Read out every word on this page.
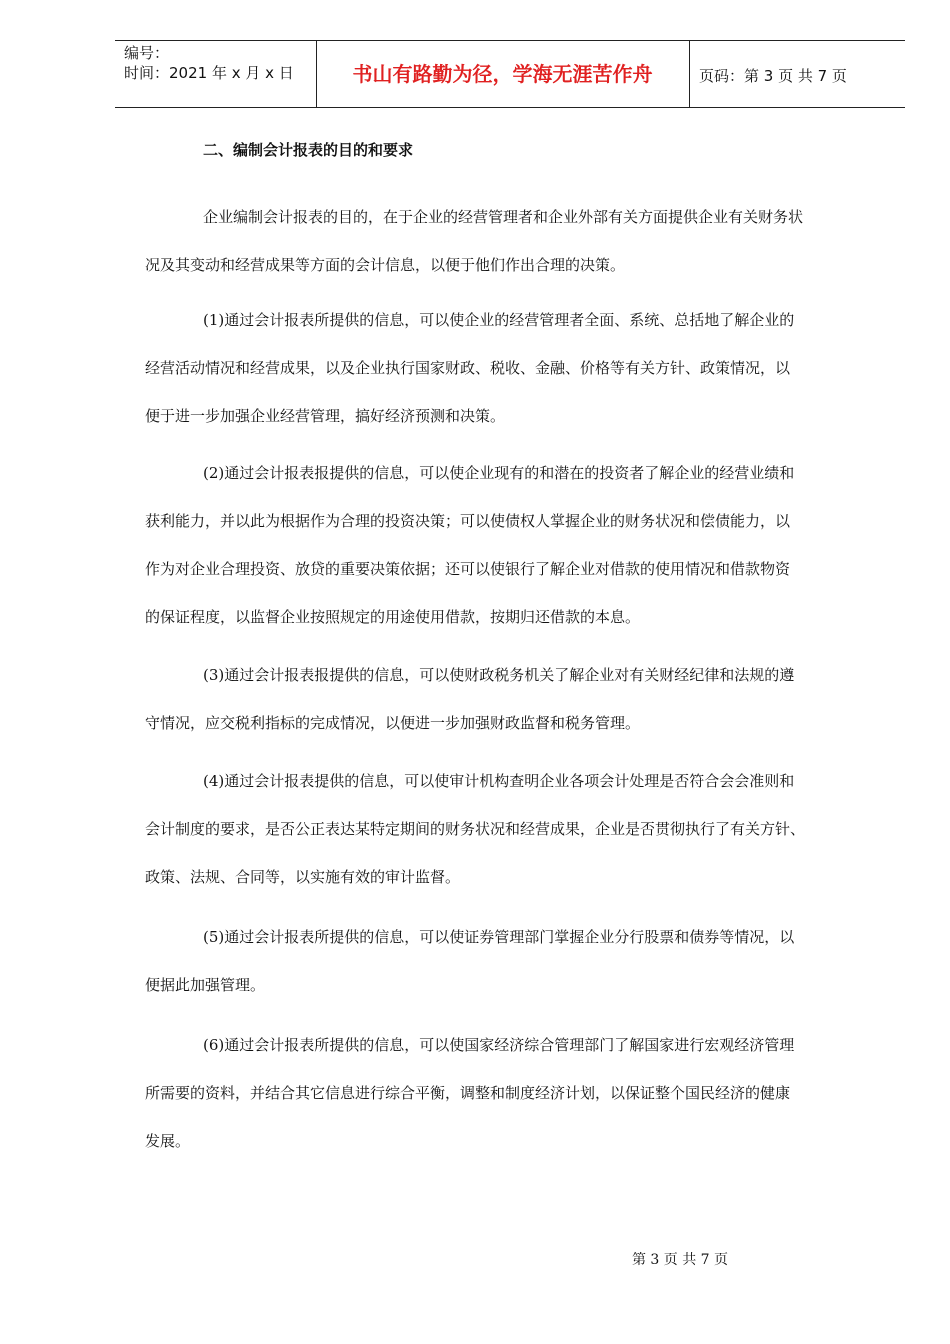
编号：
时间：2021 年 x 月 x 日	书山有路勤为径，学海无涯苦作舟	页码：第 3 页 共 7 页
二、编制会计报表的目的和要求
企业编制会计报表的目的，在于企业的经营管理者和企业外部有关方面提供企业有关财务状
况及其变动和经营成果等方面的会计信息，以便于他们作出合理的决策。
(1)通过会计报表所提供的信息，可以使企业的经营管理者全面、系统、总括地了解企业的
经营活动情况和经营成果，以及企业执行国家财政、税收、金融、价格等有关方针、政策情况，以
便于进一步加强企业经营管理，搞好经济预测和决策。
(2)通过会计报表报提供的信息，可以使企业现有的和潜在的投资者了解企业的经营业绩和
获利能力，并以此为根据作为合理的投资决策；可以使债权人掌握企业的财务状况和偿债能力，以
作为对企业合理投资、放贷的重要决策依据；还可以使银行了解企业对借款的使用情况和借款物资
的保证程度，以监督企业按照规定的用途使用借款，按期归还借款的本息。
(3)通过会计报表报提供的信息，可以使财政税务机关了解企业对有关财经纪律和法规的遵
守情况，应交税利指标的完成情况，以便进一步加强财政监督和税务管理。
(4)通过会计报表提供的信息，可以使审计机构查明企业各项会计处理是否符合会会准则和
会计制度的要求，是否公正表达某特定期间的财务状况和经营成果，企业是否贯彻执行了有关方针、
政策、法规、合同等，以实施有效的审计监督。
(5)通过会计报表所提供的信息，可以使证券管理部门掌握企业分行股票和债券等情况，以
便据此加强管理。
(6)通过会计报表所提供的信息，可以使国家经济综合管理部门了解国家进行宏观经济管理
所需要的资料，并结合其它信息进行综合平衡，调整和制度经济计划，以保证整个国民经济的健康
发展。
第 3 页 共 7 页
